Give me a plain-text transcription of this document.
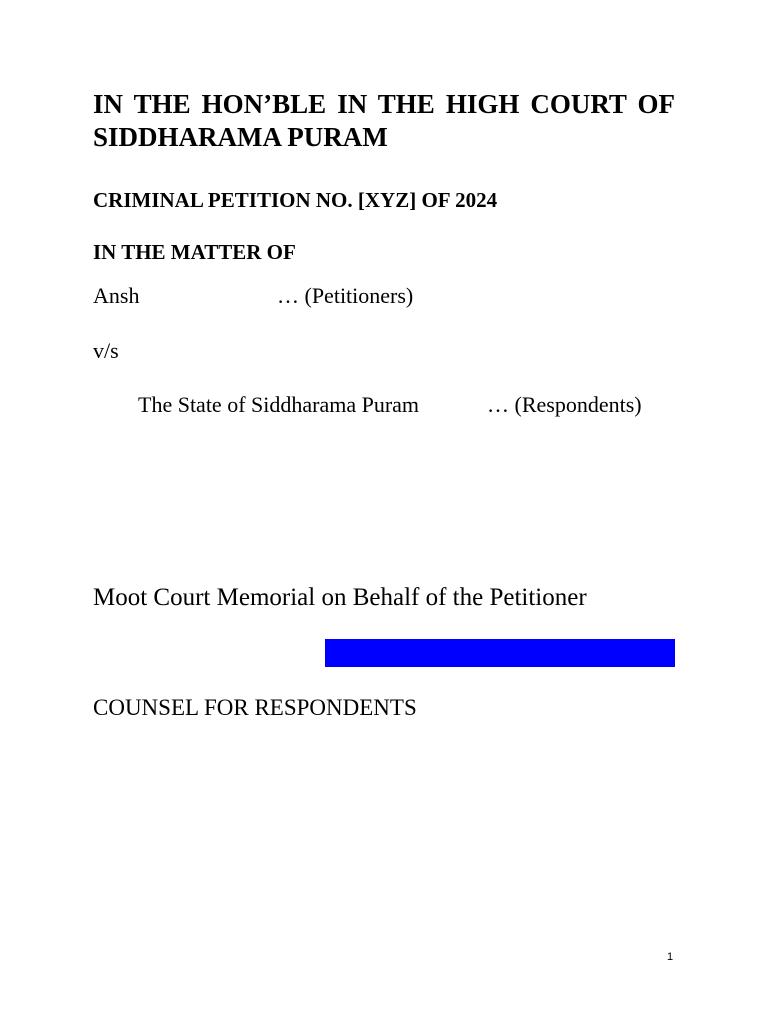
IN THE HON’BLE IN THE HIGH COURT OF SIDDHARAMA PURAM
CRIMINAL PETITION NO. [XYZ] OF 2024
IN THE MATTER OF
Ansh	… (Petitioners)
v/s
The State of Siddharama Puram	… (Respondents)
Moot Court Memorial on Behalf of the Petitioner
COUNSEL FOR RESPONDENTS
1
